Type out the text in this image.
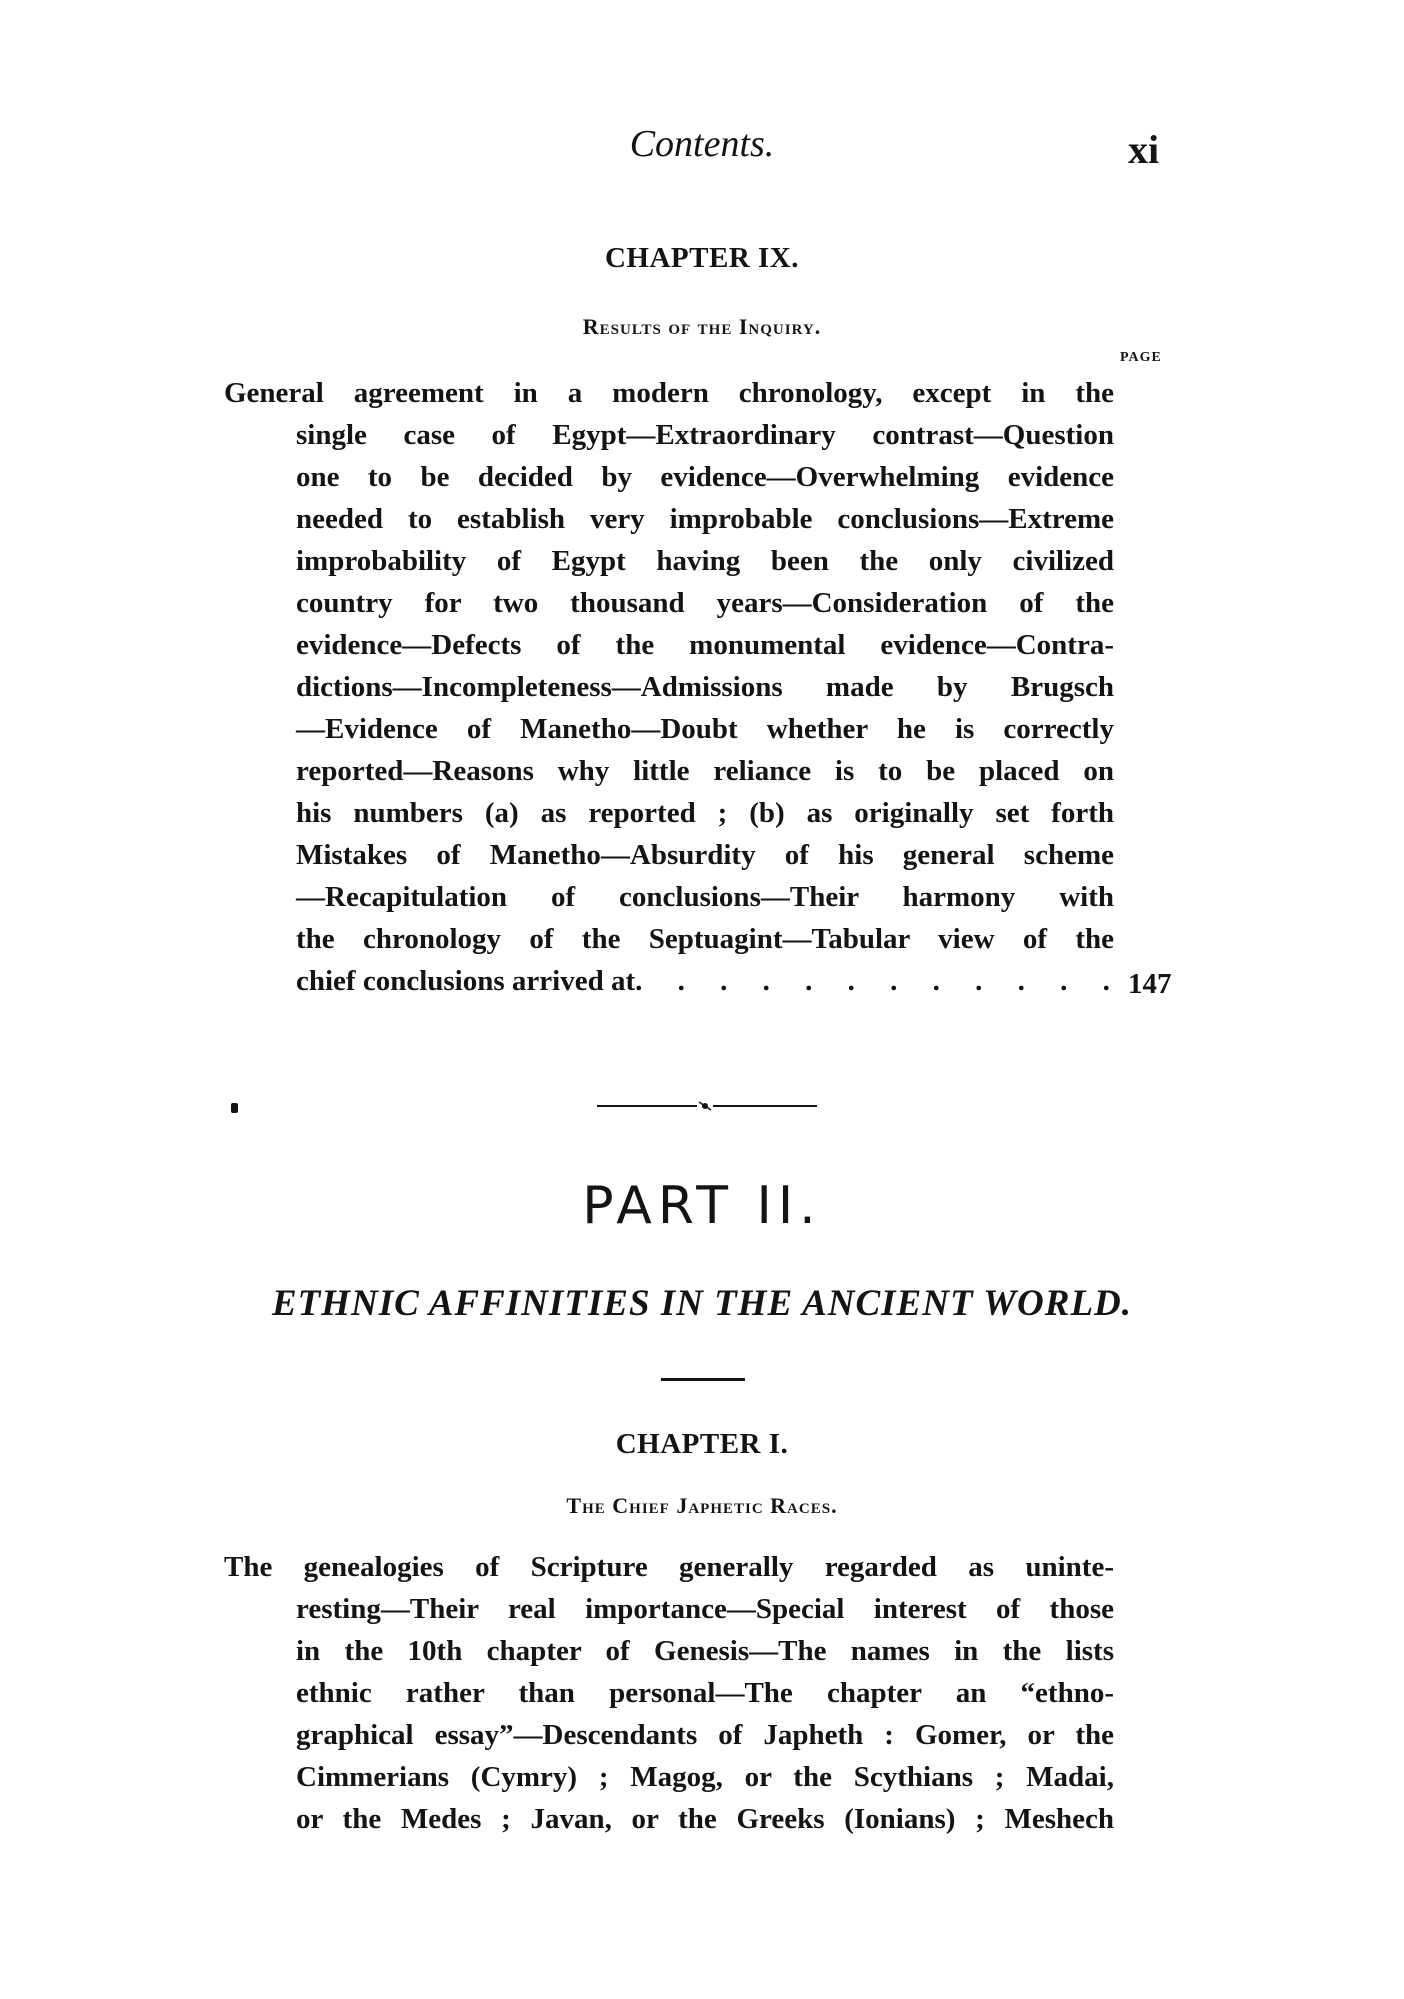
Contents.	xi
CHAPTER IX.
Results of the Inquiry.
PAGE
General agreement in a modern chronology, except in the
single case of Egypt—Extraordinary contrast—Question
one to be decided by evidence—Overwhelming evidence
needed to establish very improbable conclusions—Extreme
improbability of Egypt having been the only civilized
country for two thousand years—Consideration of the
evidence—Defects of the monumental evidence—Contra-
dictions—Incompleteness—Admissions made by Brugsch
—Evidence of Manetho—Doubt whether he is correctly
reported—Reasons why little reliance is to be placed on
his numbers (a) as reported ; (b) as originally set forth
Mistakes of Manetho—Absurdity of his general scheme
—Recapitulation of conclusions—Their harmony with
the chronology of the Septuagint—Tabular view of the
chief conclusions arrived at. . . . . . . . . . . . 147
PART II.
ETHNIC AFFINITIES IN THE ANCIENT WORLD.
CHAPTER I.
The Chief Japhetic Races.
The genealogies of Scripture generally regarded as uninte-
resting—Their real importance—Special interest of those
in the 10th chapter of Genesis—The names in the lists
ethnic rather than personal—The chapter an “ethno-
graphical essay”—Descendants of Japheth : Gomer, or the
Cimmerians (Cymry) ; Magog, or the Scythians ; Madai,
or the Medes ; Javan, or the Greeks (Ionians) ; Meshech
